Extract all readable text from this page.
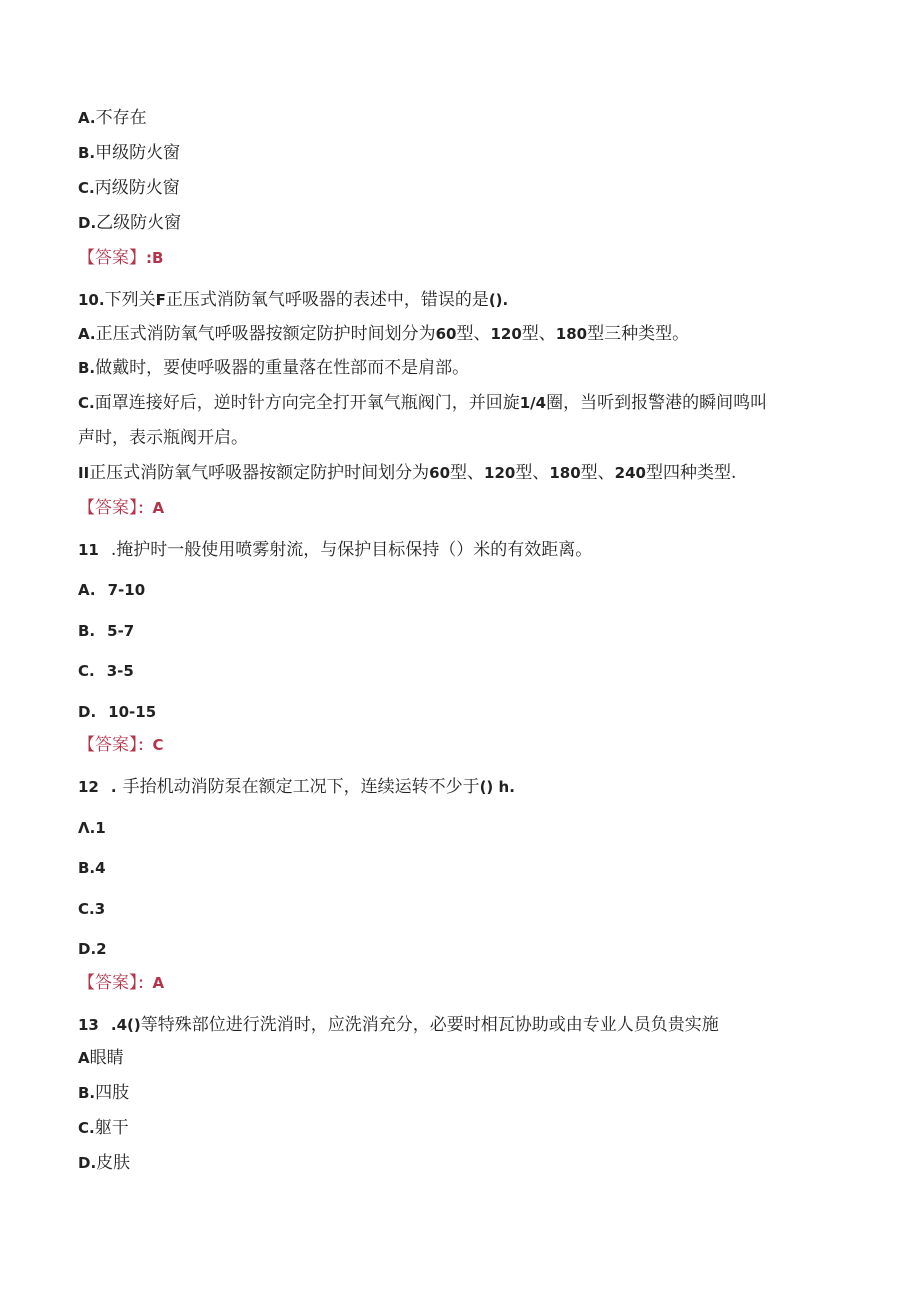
A.不存在
B.甲级防火窗
C.丙级防火窗
D.乙级防火窗
【答案】:B
10.下列关F正压式消防氧气呼吸器的表述中，错误的是().
A.正压式消防氧气呼吸器按额定防护时间划分为60型、120型、180型三种类型。
B.做戴时，要使呼吸器的重量落在性部而不是肩部。
C.面罩连接好后，逆时针方向完全打开氧气瓶阀门，并回旋1/4圈，当听到报警港的瞬间鸣叫
声时，表示瓶阀开启。
II正压式消防氧气呼吸器按额定防护时间划分为60型、120型、180型、240型四种类型.
【答案】：A
11 .掩护时一般使用喷雾射流，与保护目标保持（）米的有效距离。
A. 7-10
B. 5-7
C. 3-5
D. 10-15
【答案】：C
12 . 手抬机动消防泵在额定工况下，连续运转不少于() h.
Λ.1
B.4
C.3
D.2
【答案】：A
13 .4()等特殊部位进行洗消时，应洗消充分，必要时相瓦协助或由专业人员负贵实施
A眼睛
B.四肢
C.躯干
D.皮肤
